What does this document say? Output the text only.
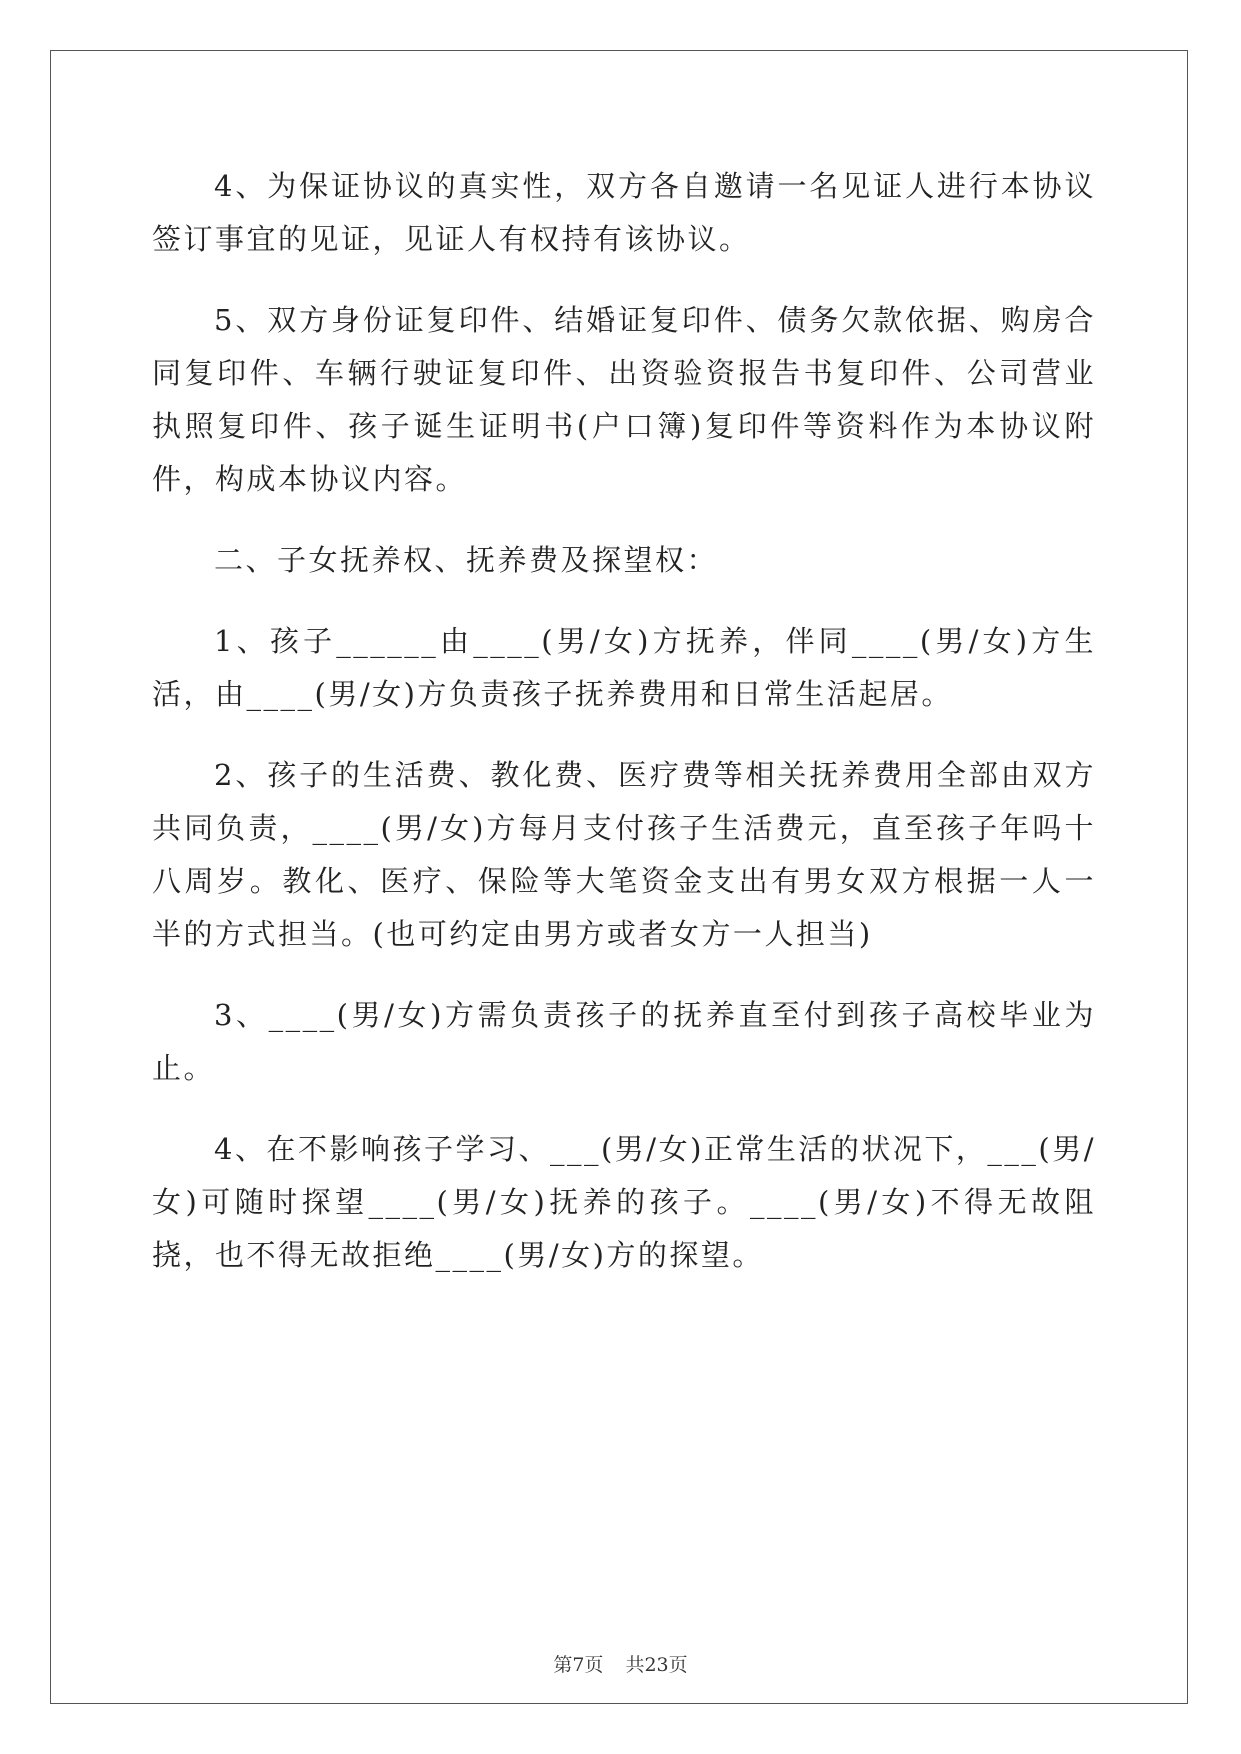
4、为保证协议的真实性，双方各自邀请一名见证人进行本协议签订事宜的见证，见证人有权持有该协议。

5、双方身份证复印件、结婚证复印件、债务欠款依据、购房合同复印件、车辆行驶证复印件、出资验资报告书复印件、公司营业执照复印件、孩子诞生证明书(户口簿)复印件等资料作为本协议附件，构成本协议内容。

二、子女抚养权、抚养费及探望权：

1、孩子______由____(男/女)方抚养，伴同____(男/女)方生活，由____(男/女)方负责孩子抚养费用和日常生活起居。

2、孩子的生活费、教化费、医疗费等相关抚养费用全部由双方共同负责，____(男/女)方每月支付孩子生活费元，直至孩子年吗十八周岁。教化、医疗、保险等大笔资金支出有男女双方根据一人一半的方式担当。(也可约定由男方或者女方一人担当)

3、____(男/女)方需负责孩子的抚养直至付到孩子高校毕业为止。

4、在不影响孩子学习、___(男/女)正常生活的状况下，___(男/女)可随时探望____(男/女)抚养的孩子。____(男/女)不得无故阻挠，也不得无故拒绝____(男/女)方的探望。

第7页 共23页
